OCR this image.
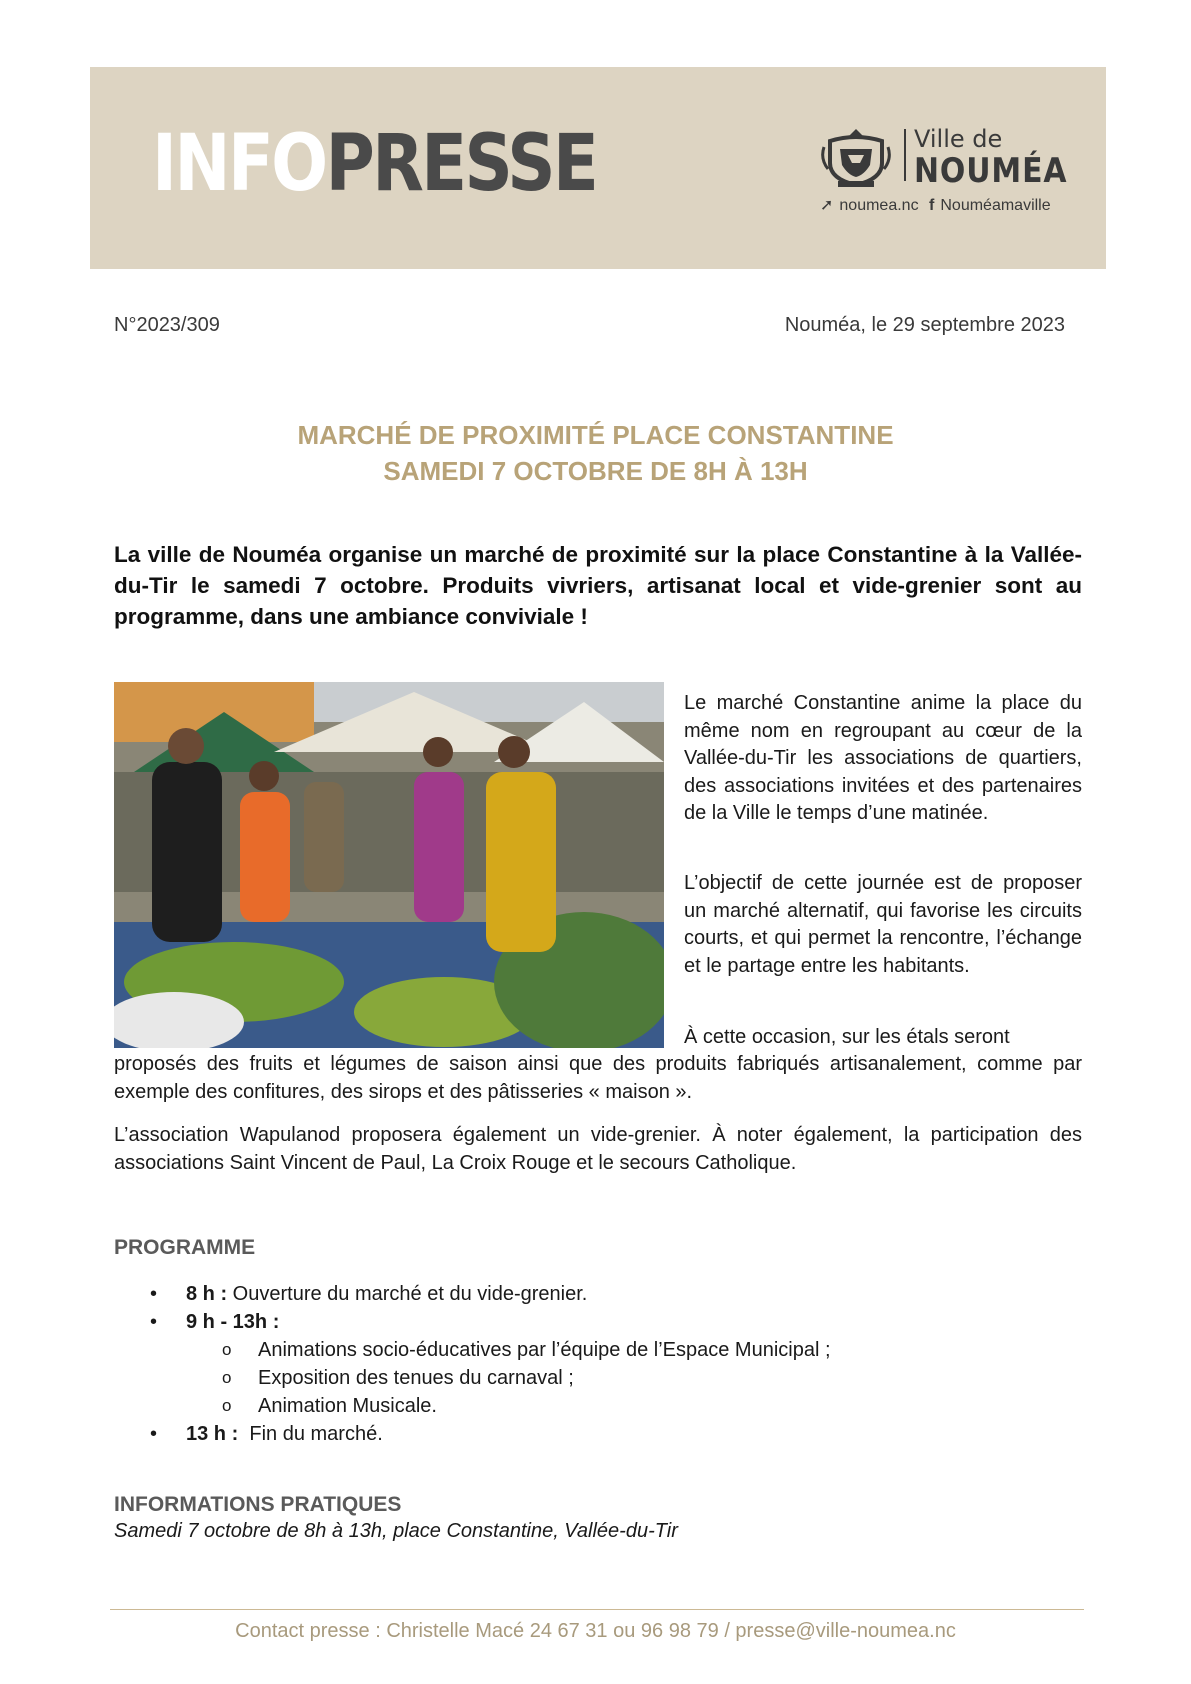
INFOPRESSE	Ville de
NOUMÉA
➚ noumea.nc f Nouméamaville
N°2023/309	Nouméa, le 29 septembre 2023
MARCHÉ DE PROXIMITÉ PLACE CONSTANTINE
SAMEDI 7 OCTOBRE DE 8H À 13H
La ville de Nouméa organise un marché de proximité sur la place Constantine à la Vallée-du-Tir le samedi 7 octobre. Produits vivriers, artisanat local et vide-grenier sont au programme, dans une ambiance conviviale !
Le marché Constantine anime la place du même nom en regroupant au cœur de la Vallée-du-Tir les associations de quartiers, des associations invitées et des partenaires de la Ville le temps d’une matinée.
L’objectif de cette journée est de proposer un marché alternatif, qui favorise les circuits courts, et qui permet la rencontre, l’échange et le partage entre les habitants.
À cette occasion, sur les étals seront
proposés des fruits et légumes de saison ainsi que des produits fabriqués artisanalement, comme par exemple des confitures, des sirops et des pâtisseries « maison ».
L’association Wapulanod proposera également un vide-grenier. À noter également, la participation des associations Saint Vincent de Paul, La Croix Rouge et le secours Catholique.
PROGRAMME
• 8 h : Ouverture du marché et du vide-grenier.
• 9 h - 13h :
o Animations socio-éducatives par l’équipe de l’Espace Municipal ;
o Exposition des tenues du carnaval ;
o Animation Musicale.
• 13 h :  Fin du marché.
INFORMATIONS PRATIQUES
Samedi 7 octobre de 8h à 13h, place Constantine, Vallée-du-Tir
Contact presse : Christelle Macé 24 67 31 ou 96 98 79 / presse@ville-noumea.nc
